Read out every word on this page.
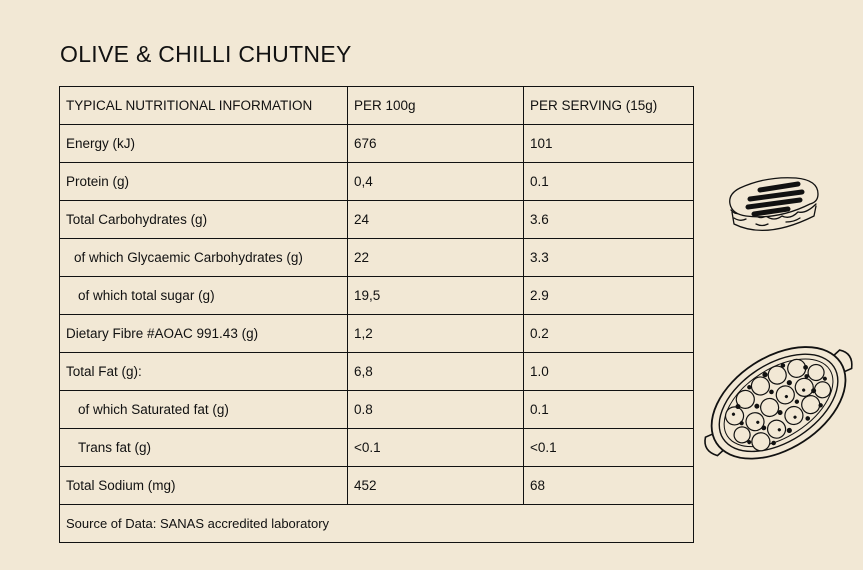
OLIVE & CHILLI CHUTNEY
TYPICAL NUTRITIONAL INFORMATION	PER 100g	PER SERVING (15g)
Energy (kJ)	676	101
Protein (g)	0,4	0.1
Total Carbohydrates (g)	24	3.6
of which Glycaemic Carbohydrates (g)	22	3.3
of which total sugar (g)	19,5	2.9
Dietary Fibre #AOAC 991.43 (g)	1,2	0.2
Total Fat (g):	6,8	1.0
of which Saturated fat (g)	0.8	0.1
Trans fat (g)	<0.1	<0.1
Total Sodium (mg)	452	68
Source of Data: SANAS accredited laboratory		
